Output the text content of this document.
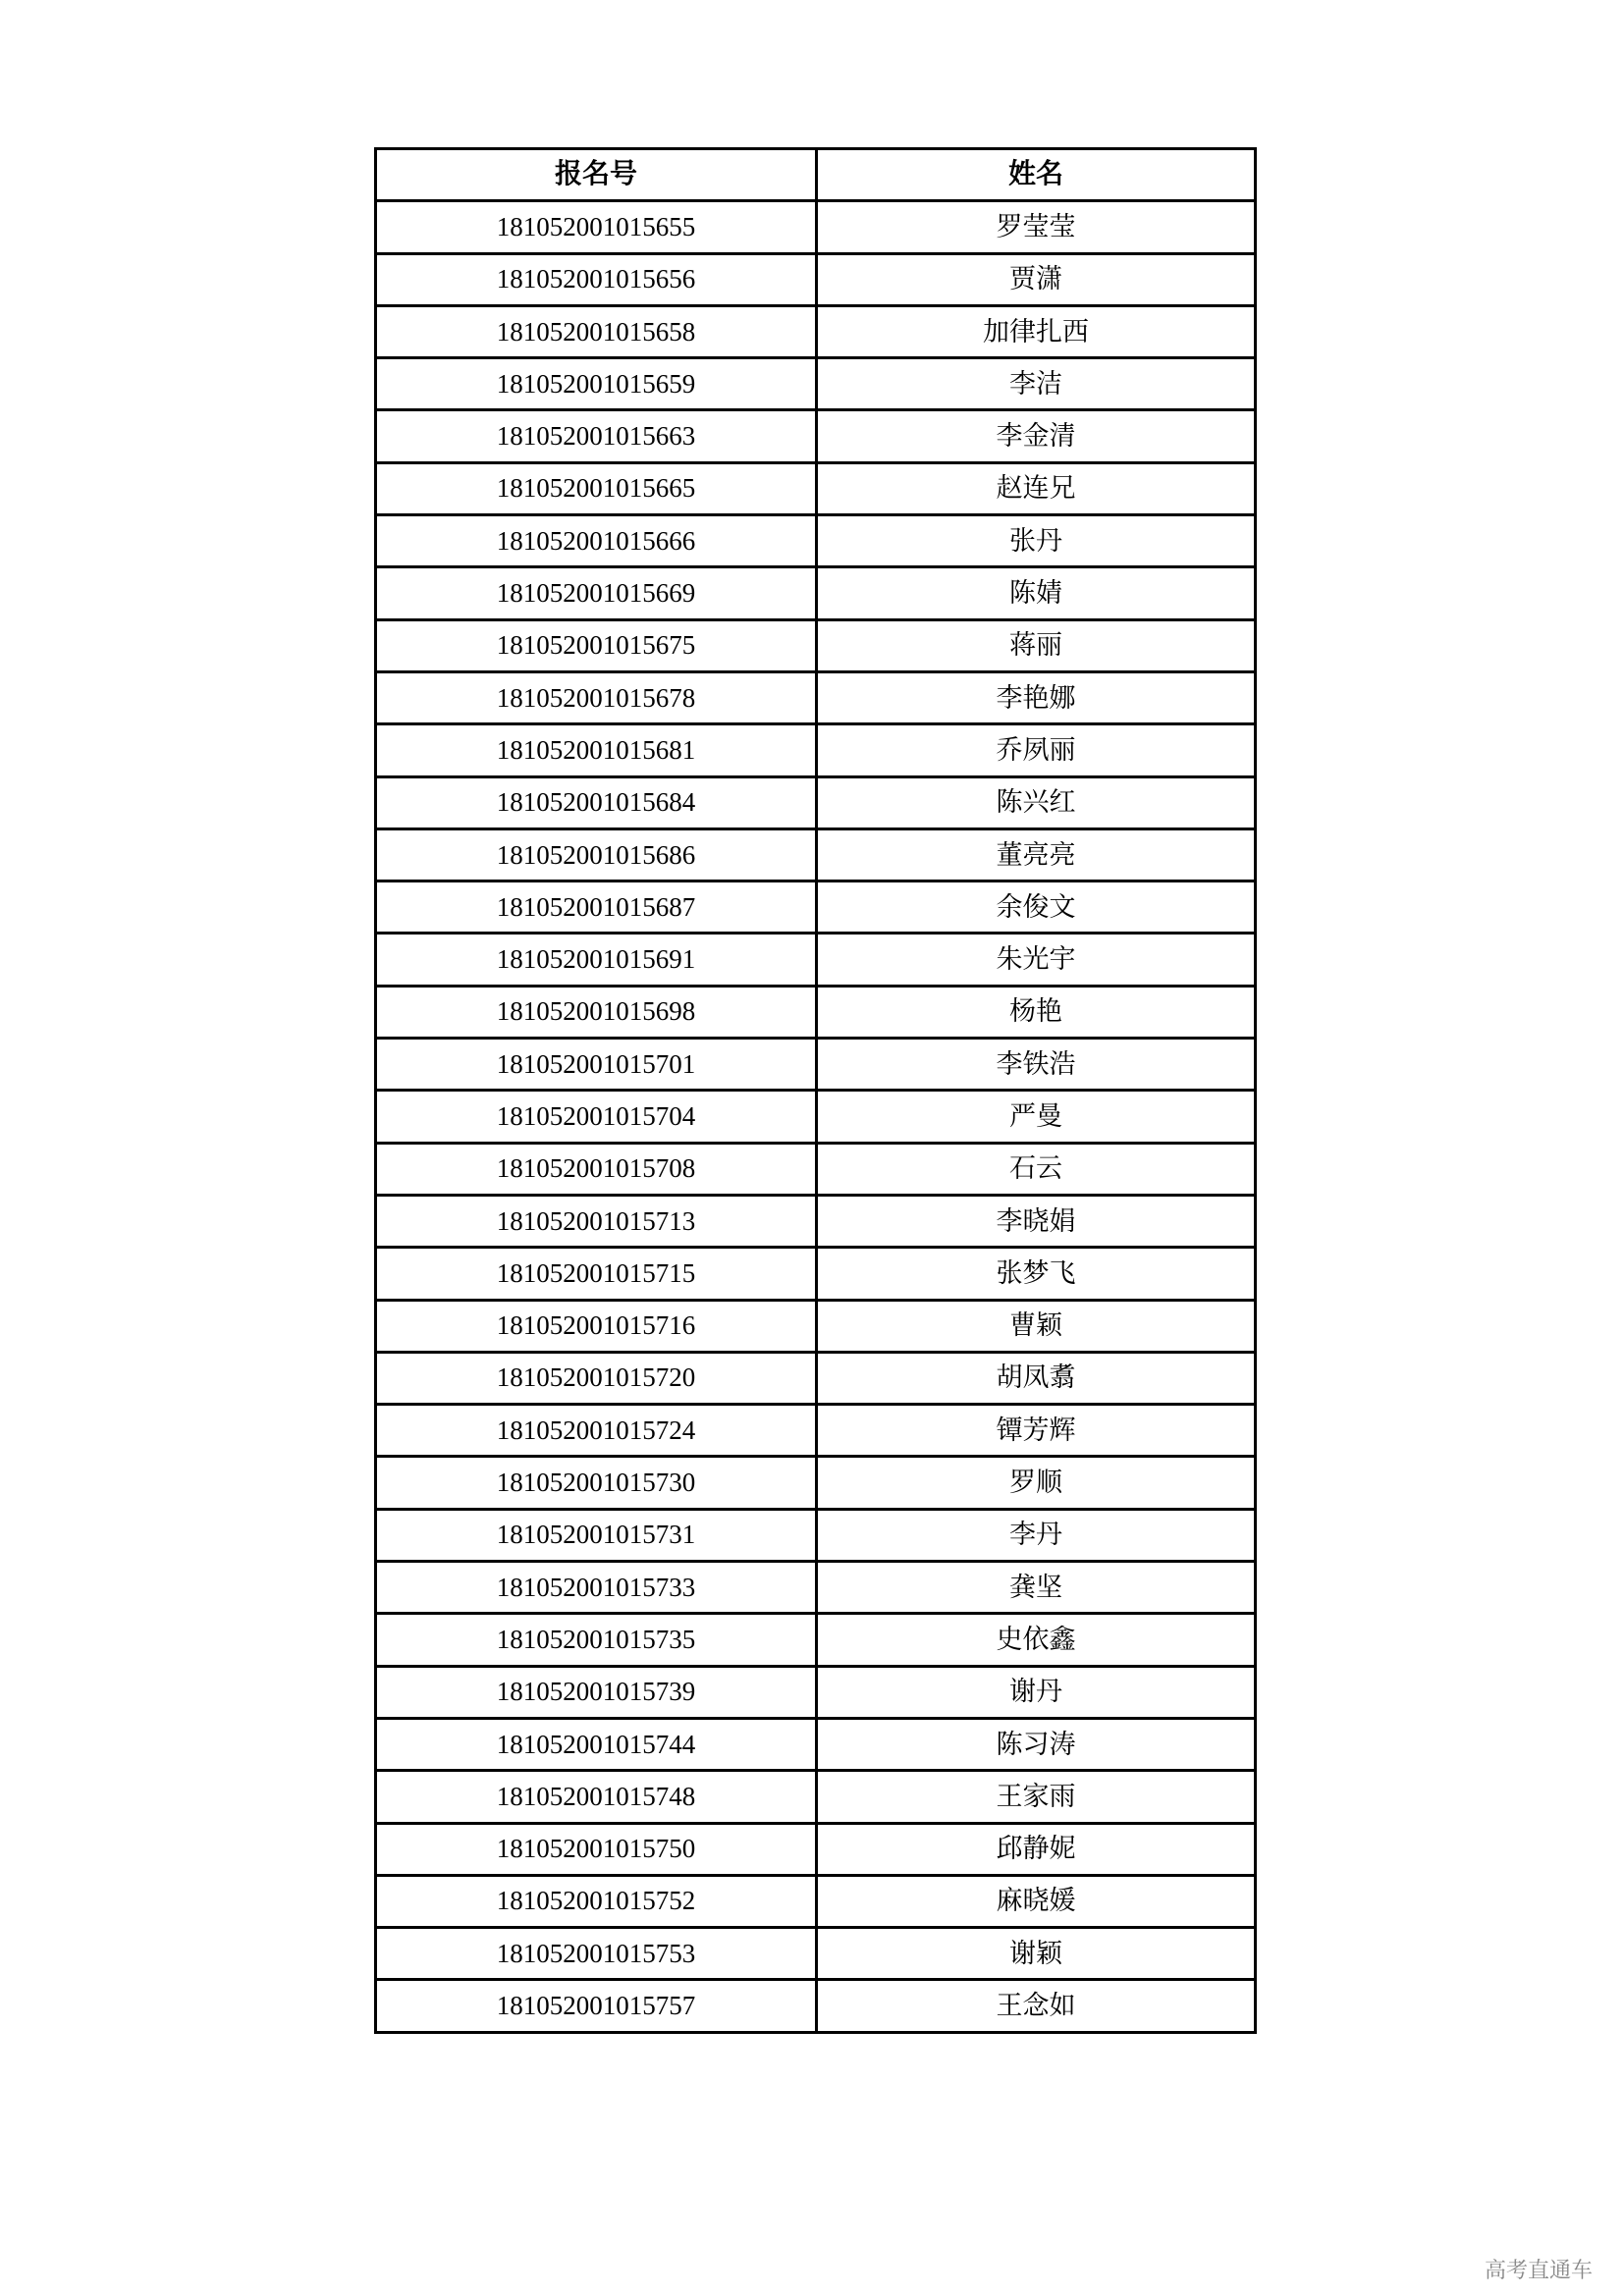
报名号	姓名
181052001015655	罗莹莹
181052001015656	贾潇
181052001015658	加律扎西
181052001015659	李洁
181052001015663	李金清
181052001015665	赵连兄
181052001015666	张丹
181052001015669	陈婧
181052001015675	蒋丽
181052001015678	李艳娜
181052001015681	乔夙丽
181052001015684	陈兴红
181052001015686	董亮亮
181052001015687	余俊文
181052001015691	朱光宇
181052001015698	杨艳
181052001015701	李铁浩
181052001015704	严曼
181052001015708	石云
181052001015713	李晓娟
181052001015715	张梦飞
181052001015716	曹颖
181052001015720	胡凤翥
181052001015724	镡芳辉
181052001015730	罗顺
181052001015731	李丹
181052001015733	龚坚
181052001015735	史依鑫
181052001015739	谢丹
181052001015744	陈习涛
181052001015748	王家雨
181052001015750	邱静妮
181052001015752	麻晓媛
181052001015753	谢颖
181052001015757	王念如
高考直通车
